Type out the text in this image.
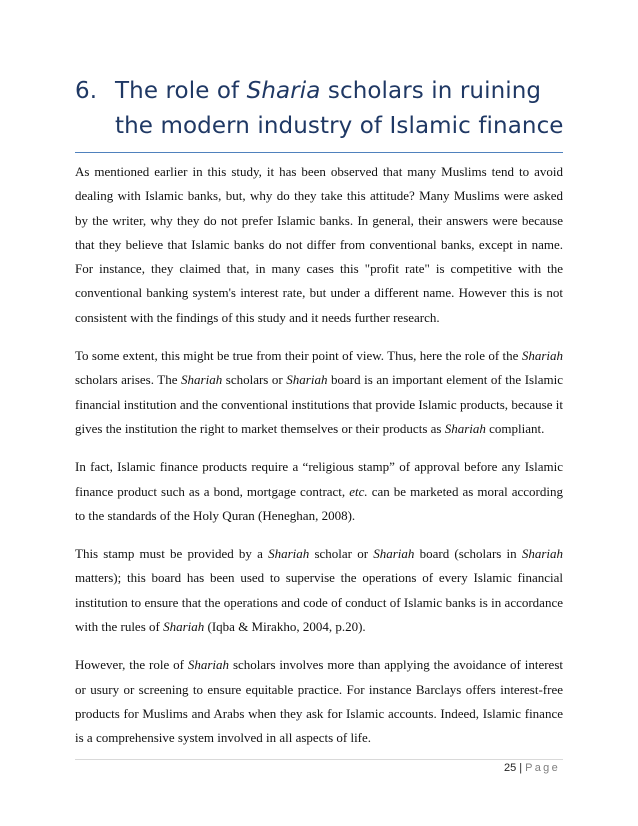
6. The role of Sharia scholars in ruining
the modern industry of Islamic finance

As mentioned earlier in this study, it has been observed that many Muslims tend to avoid dealing with Islamic banks, but, why do they take this attitude? Many Muslims were asked by the writer, why they do not prefer Islamic banks. In general, their answers were because that they believe that Islamic banks do not differ from conventional banks, except in name. For instance, they claimed that, in many cases this "profit rate" is competitive with the conventional banking system's interest rate, but under a different name. However this is not consistent with the findings of this study and it needs further research.

To some extent, this might be true from their point of view. Thus, here the role of the Shariah scholars arises. The Shariah scholars or Shariah board is an important element of the Islamic financial institution and the conventional institutions that provide Islamic products, because it gives the institution the right to market themselves or their products as Shariah compliant.

In fact, Islamic finance products require a “religious stamp” of approval before any Islamic finance product such as a bond, mortgage contract, etc. can be marketed as moral according to the standards of the Holy Quran (Heneghan, 2008).

This stamp must be provided by a Shariah scholar or Shariah board (scholars in Shariah matters); this board has been used to supervise the operations of every Islamic financial institution to ensure that the operations and code of conduct of Islamic banks is in accordance with the rules of Shariah (Iqba & Mirakho, 2004, p.20).

However, the role of Shariah scholars involves more than applying the avoidance of interest or usury or screening to ensure equitable practice. For instance Barclays offers interest-free products for Muslims and Arabs when they ask for Islamic accounts. Indeed, Islamic finance is a comprehensive system involved in all aspects of life.

25 | Page
